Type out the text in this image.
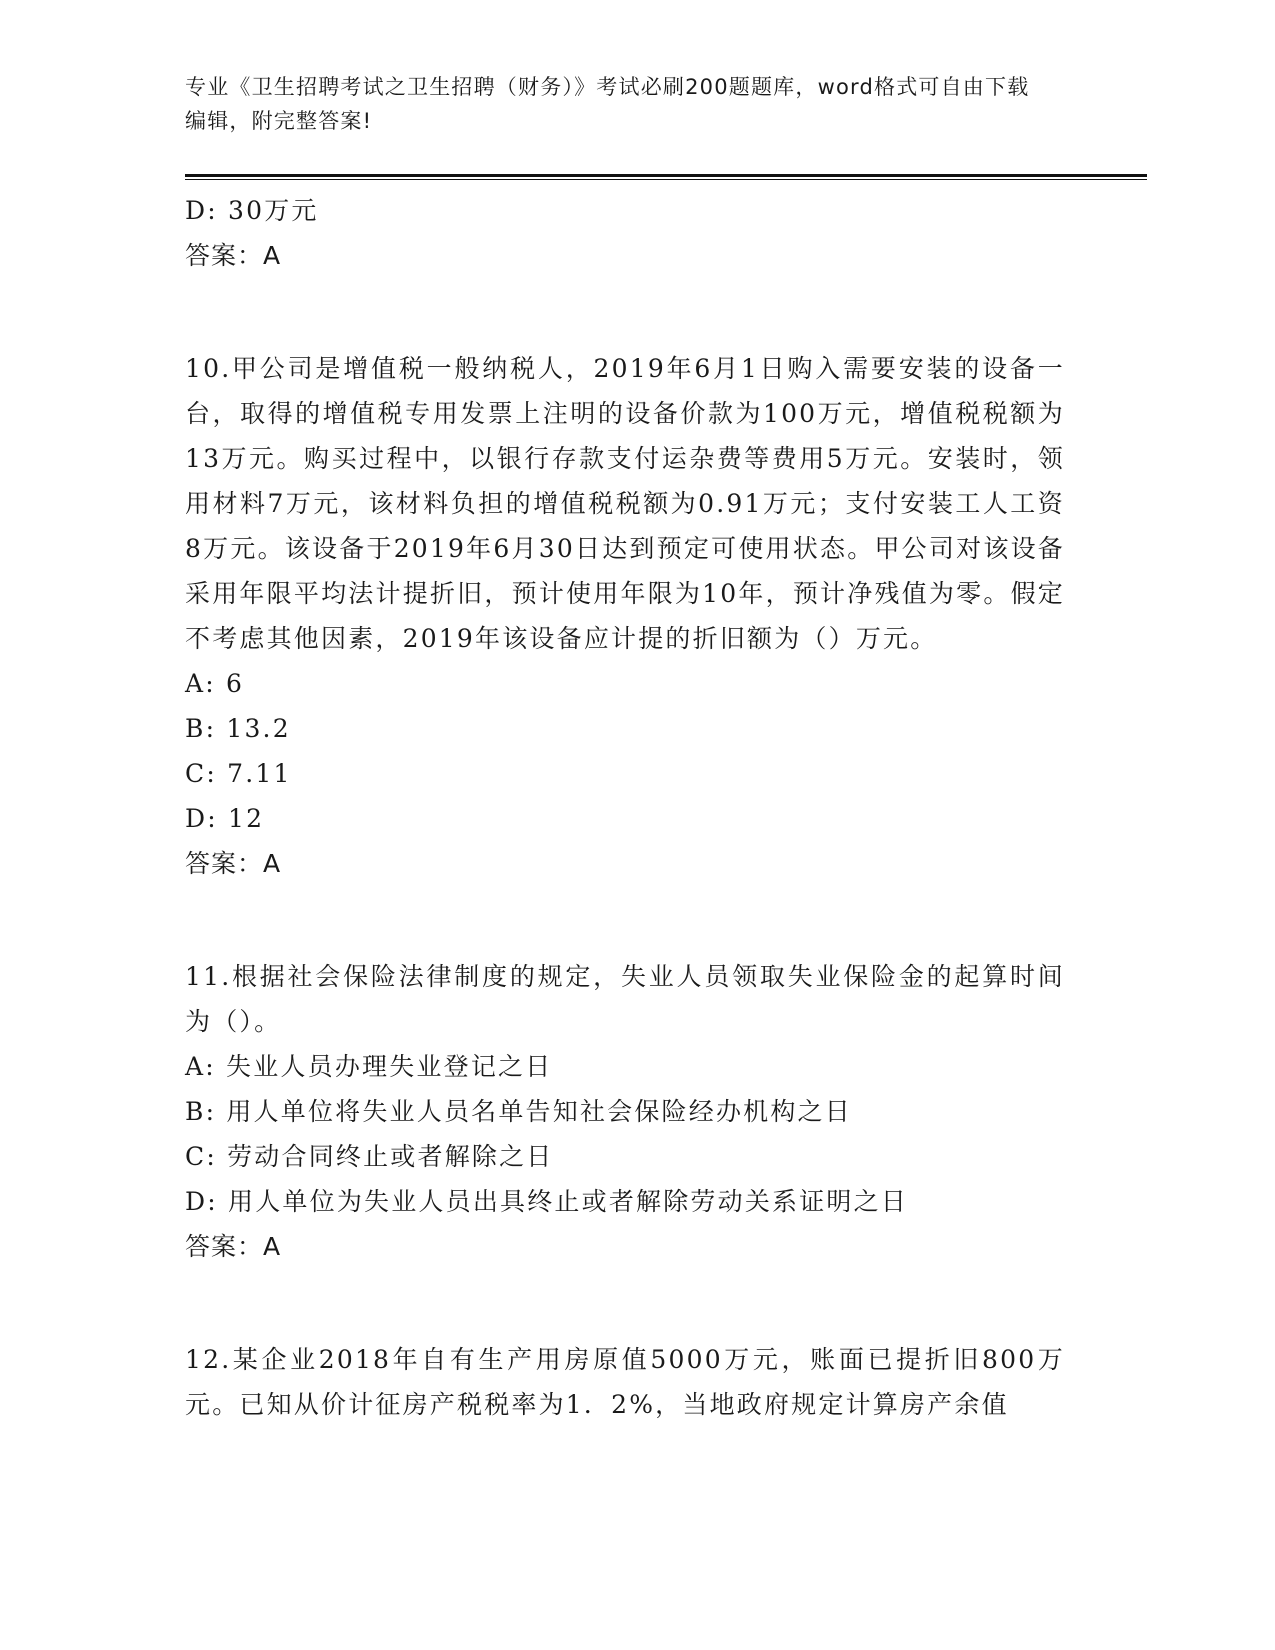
专业《卫生招聘考试之卫生招聘（财务）》考试必刷200题题库，word格式可自由下载编辑，附完整答案!

D: 30万元

答案：A

10.甲公司是增值税一般纳税人，2019年6月1日购入需要安装的设备一台，取得的增值税专用发票上注明的设备价款为100万元，增值税税额为13万元。购买过程中，以银行存款支付运杂费等费用5万元。安装时，领用材料7万元，该材料负担的增值税税额为0.91万元；支付安装工人工资8万元。该设备于2019年6月30日达到预定可使用状态。甲公司对该设备采用年限平均法计提折旧，预计使用年限为10年，预计净残值为零。假定不考虑其他因素，2019年该设备应计提的折旧额为（）万元。

A: 6

B: 13.2

C: 7.11

D: 12

答案：A

11.根据社会保险法律制度的规定，失业人员领取失业保险金的起算时间为（）。

A: 失业人员办理失业登记之日

B: 用人单位将失业人员名单告知社会保险经办机构之日

C: 劳动合同终止或者解除之日

D: 用人单位为失业人员出具终止或者解除劳动关系证明之日

答案：A

12.某企业2018年自有生产用房原值5000万元，账面已提折旧800万元。已知从价计征房产税税率为1．2%，当地政府规定计算房产余值
